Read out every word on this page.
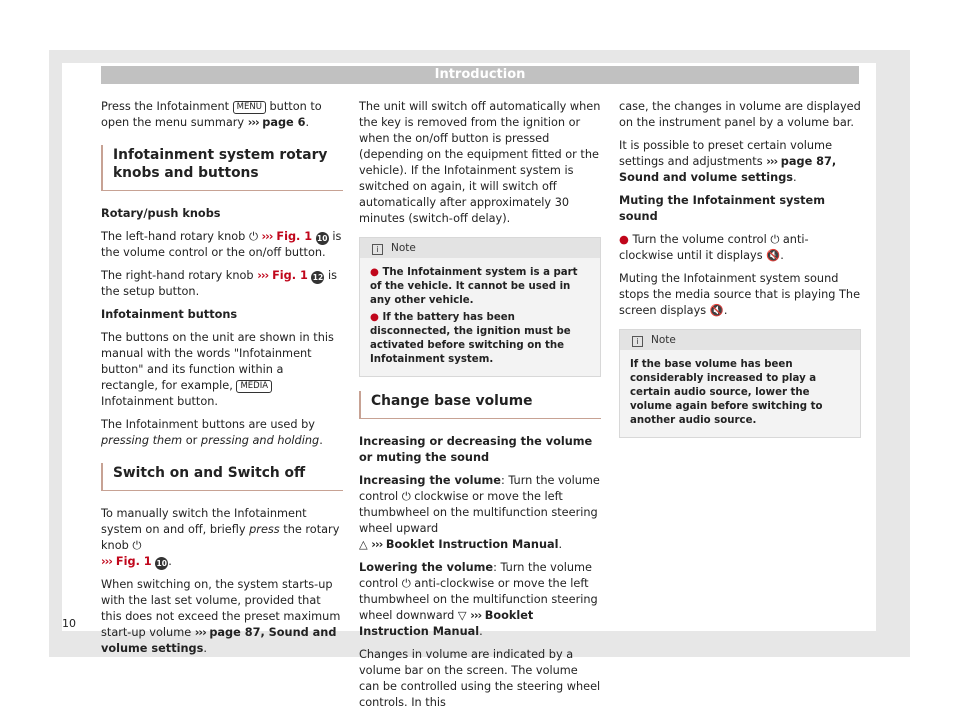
Introduction

Press the Infotainment MENU button to open the menu summary ››› page 6.

Infotainment system rotary knobs and buttons

Rotary/push knobs

The left-hand rotary knob ⏻ ››› Fig. 1 10 is the volume control or the on/off button.

The right-hand rotary knob ››› Fig. 1 12 is the setup button.

Infotainment buttons

The buttons on the unit are shown in this manual with the words "Infotainment button" and its function within a rectangle, for example, MEDIA Infotainment button.

The Infotainment buttons are used by pressing them or pressing and holding.

Switch on and Switch off

To manually switch the Infotainment system on and off, briefly press the rotary knob ⏻
››› Fig. 1 10.

When switching on, the system starts-up with the last set volume, provided that this does not exceed the preset maximum start-up volume ››› page 87, Sound and volume settings.

The unit will switch off automatically when the key is removed from the ignition or when the on/off button is pressed (depending on the equipment fitted or the vehicle). If the Infotainment system is switched on again, it will switch off automatically after approximately 30 minutes (switch-off delay).

i Note

● The Infotainment system is a part of the vehicle. It cannot be used in any other vehicle.

● If the battery has been disconnected, the ignition must be activated before switching on the Infotainment system.

Change base volume

Increasing or decreasing the volume or muting the sound

Increasing the volume: Turn the volume control ⏻ clockwise or move the left thumbwheel on the multifunction steering wheel upward
△ ››› Booklet Instruction Manual.

Lowering the volume: Turn the volume control ⏻ anti-clockwise or move the left thumbwheel on the multifunction steering wheel downward ▽ ››› Booklet Instruction Manual.

Changes in volume are indicated by a volume bar on the screen. The volume can be controlled using the steering wheel controls. In this

case, the changes in volume are displayed on the instrument panel by a volume bar.

It is possible to preset certain volume settings and adjustments ››› page 87, Sound and volume settings.

Muting the Infotainment system sound

● Turn the volume control ⏻ anti-clockwise until it displays 🔇.

Muting the Infotainment system sound stops the media source that is playing The screen displays 🔇.

i Note

If the base volume has been considerably increased to play a certain audio source, lower the volume again before switching to another audio source.

10
